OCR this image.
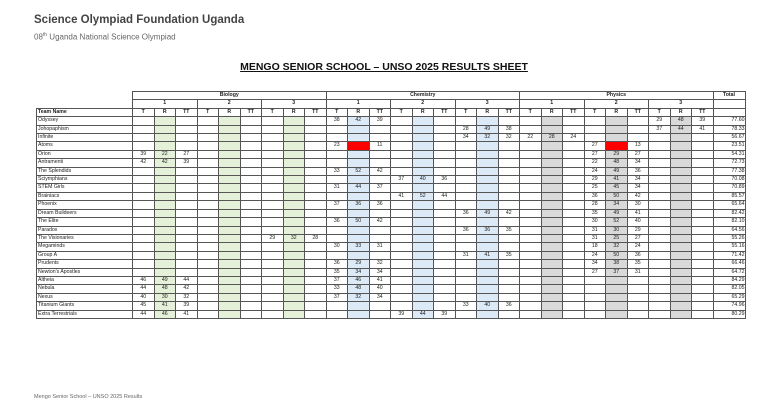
Science Olympiad Foundation Uganda
08th Uganda National Science Olympiad
MENGO SENIOR SCHOOL – UNSO 2025 RESULTS SHEET
	Biology									Chemistry									Physics									Total
	1			2			3			1			2			3			1			2			3			
Team Name	T	R	TT	T	R	TT	T	R	TT	T	R	TT	T	R	TT	T	R	TT	T	R	TT	T	R	TT	T	R	TT	
Odyssey										38	42	39													29	48	39	77.60
Johopaphism																28	49	38							37	44	41	78.33
Infinite																34	32	32	22	28	24							56.67
Atoms										23		11										27		13				23.51
Orion	39	22	27																			27	29	27				54.31
Antramenti	42	42	39																			22	48	34				72.73
The Splendids										33	52	42										24	49	36				77.38
Sciymphians													37	40	36							29	41	34				70.08
STEM Girls										31	44	37										25	45	34				70.89
Brainiacs													41	52	44							36	50	42				85.57
Phoenix										37	36	36										28	34	30				65.64
Dream Buildeers																36	49	42				35	49	41				82.42
The Elite										36	50	42										30	52	40				82.10
Paradox																36	36	35				31	30	29				64.56
The Visionaries							29	32	28													31	25	27				55.26
Megaminds										30	33	31										18	32	24				55.16
Group A																31	41	35				24	50	36				71.42
Prudents										36	29	32										34	38	35				66.46
Newton's Apostles										35	34	34										27	37	31				64.72
Altheia	46	49	44							37	46	41																84.29
Nebula	44	48	42							33	48	40																82.05
Nexus	40	30	32							37	32	34																65.29
Titanium Giants	45	41	39													33	40	36										74.96
Extra Terrestrials	44	46	41										39	44	39													80.29
Mengo Senior School – UNSO 2025 Results
